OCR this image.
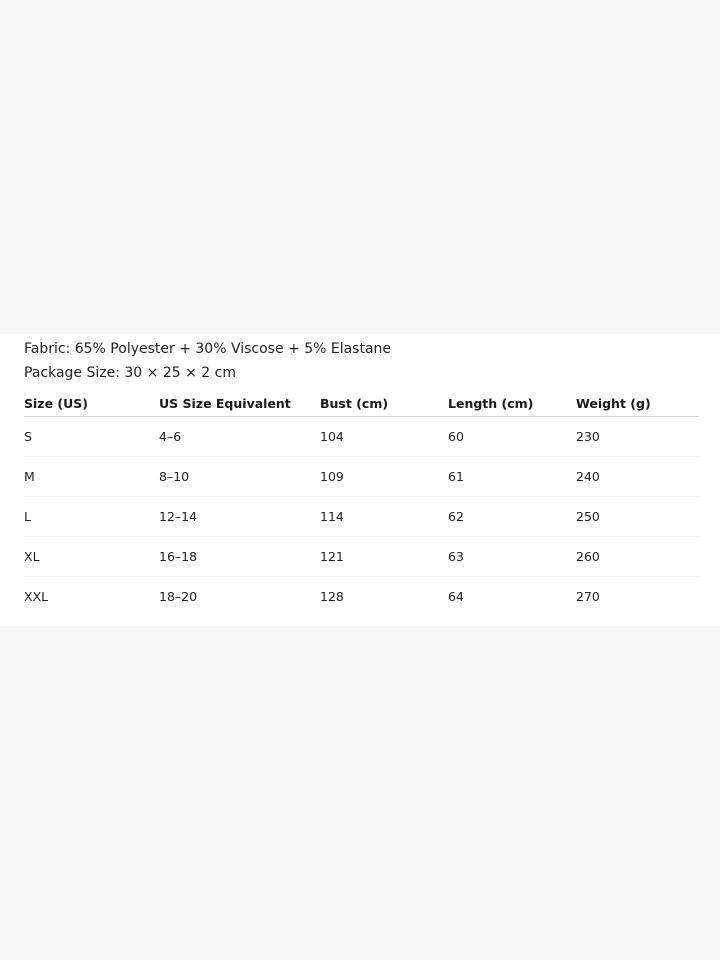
Fabric: 65% Polyester + 30% Viscose + 5% Elastane
Package Size: 30 × 25 × 2 cm
Size (US)	US Size Equivalent	Bust (cm)	Length (cm)	Weight (g)
S	4–6	104	60	230
M	8–10	109	61	240
L	12–14	114	62	250
XL	16–18	121	63	260
XXL	18–20	128	64	270
